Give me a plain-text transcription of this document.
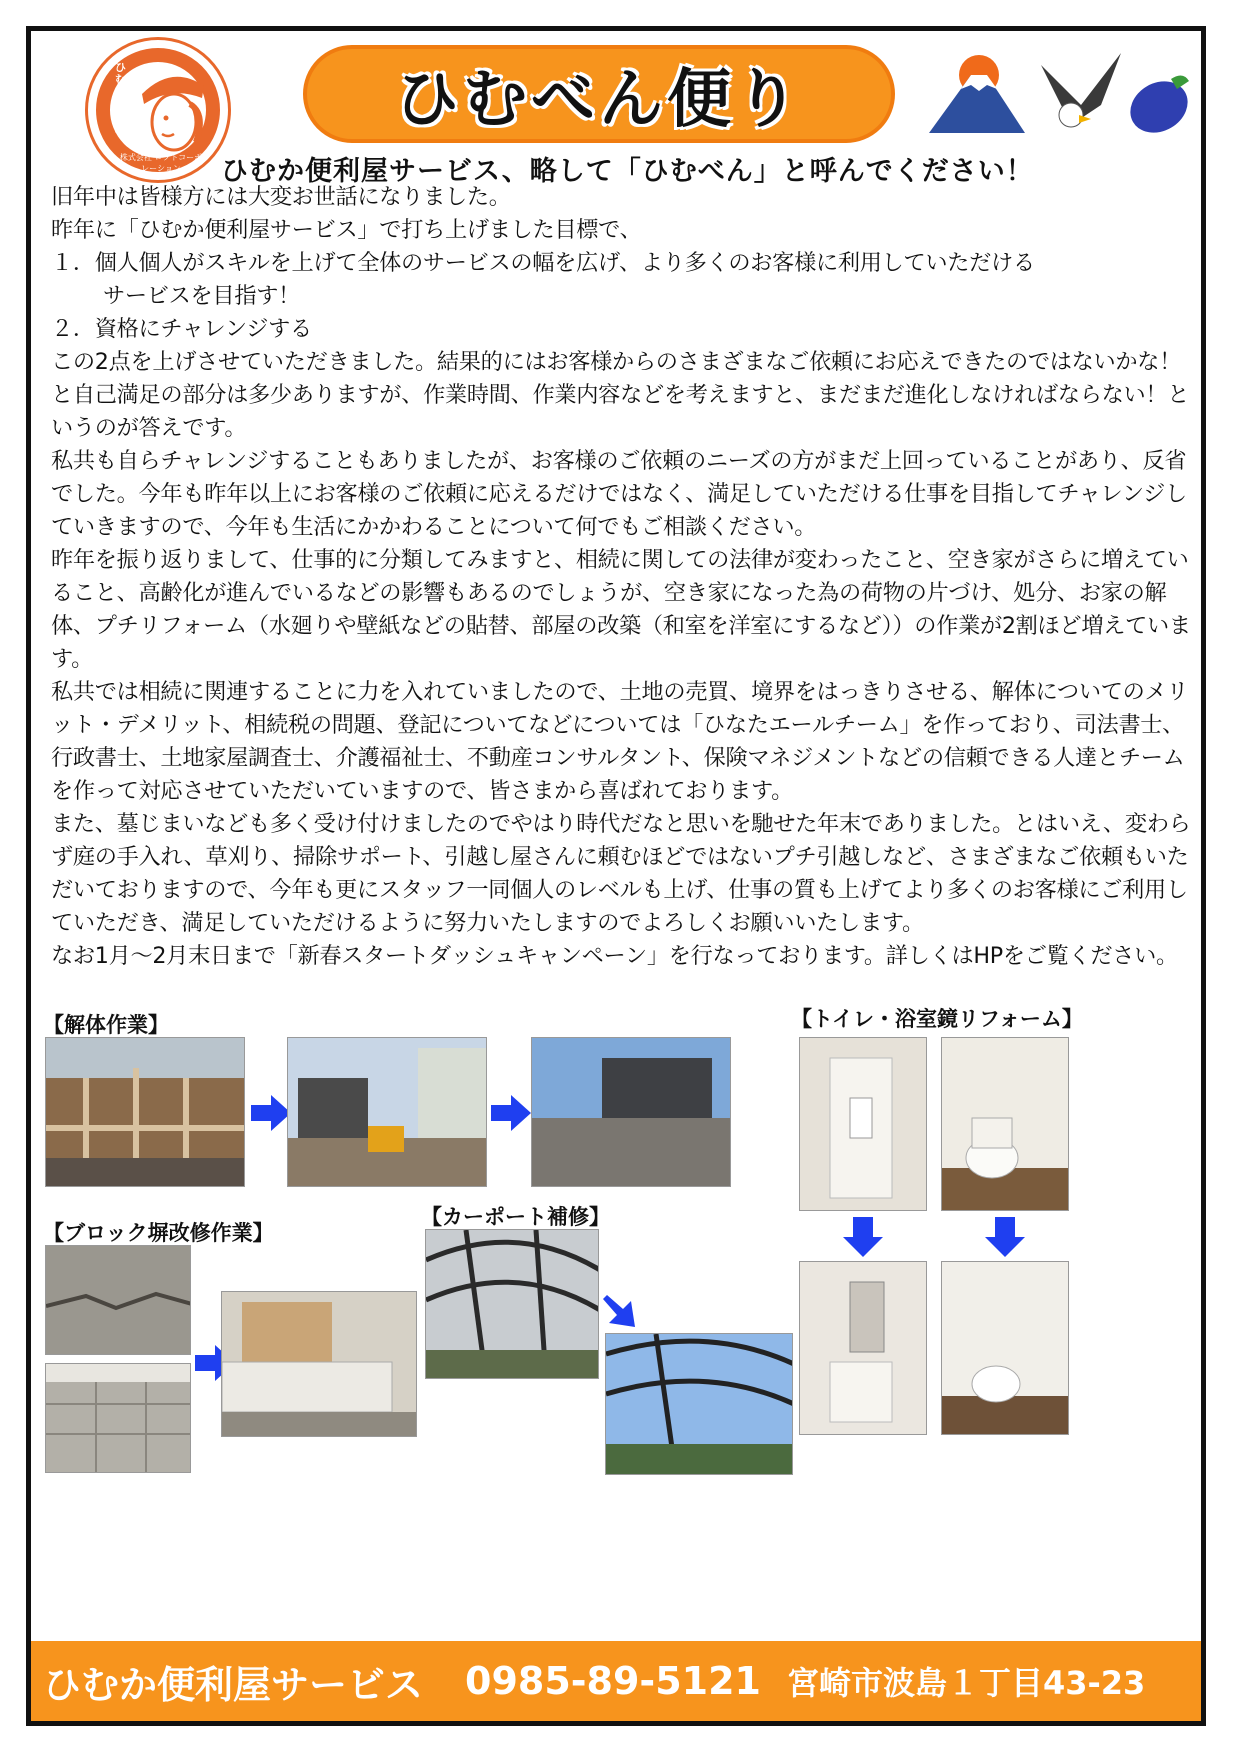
ひむか便利屋
株式会社 ロフトコーポレーション
ひむべん便り
ひむか便利屋サービス、略して「ひむべん」と呼んでください！

旧年中は皆様方には大変お世話になりました。

昨年に「ひむか便利屋サービス」で打ち上げました目標で、

１．個人個人がスキルを上げて全体のサービスの幅を広げ、より多くのお客様に利用していただける

サービスを目指す！

２．資格にチャレンジする

この2点を上げさせていただきました。結果的にはお客様からのさまざまなご依頼にお応えできたのではないかな！と自己満足の部分は多少ありますが、作業時間、作業内容などを考えますと、まだまだ進化しなければならない！というのが答えです。

私共も自らチャレンジすることもありましたが、お客様のご依頼のニーズの方がまだ上回っていることがあり、反省でした。今年も昨年以上にお客様のご依頼に応えるだけではなく、満足していただける仕事を目指してチャレンジしていきますので、今年も生活にかかわることについて何でもご相談ください。

昨年を振り返りまして、仕事的に分類してみますと、相続に関しての法律が変わったこと、空き家がさらに増えていること、高齢化が進んでいるなどの影響もあるのでしょうが、空き家になった為の荷物の片づけ、処分、お家の解体、プチリフォーム（水廻りや壁紙などの貼替、部屋の改築（和室を洋室にするなど））の作業が2割ほど増えています。

私共では相続に関連することに力を入れていましたので、土地の売買、境界をはっきりさせる、解体についてのメリット・デメリット、相続税の問題、登記についてなどについては「ひなたエールチーム」を作っており、司法書士、行政書士、土地家屋調査士、介護福祉士、不動産コンサルタント、保険マネジメントなどの信頼できる人達とチームを作って対応させていただいていますので、皆さまから喜ばれております。

また、墓じまいなども多く受け付けましたのでやはり時代だなと思いを馳せた年末でありました。とはいえ、変わらず庭の手入れ、草刈り、掃除サポート、引越し屋さんに頼むほどではないプチ引越しなど、さまざまなご依頼もいただいておりますので、今年も更にスタッフ一同個人のレベルも上げ、仕事の質も上げてより多くのお客様にご利用していただき、満足していただけるように努力いたしますのでよろしくお願いいたします。

なお1月～2月末日まで「新春スタートダッシュキャンペーン」を行なっております。詳しくはHPをご覧ください。

【解体作業】	【トイレ・浴室鏡リフォーム】
【ブロック塀改修作業】
【カーポート補修】
ひむか便利屋サービス 0985-89-5121 宮崎市波島１丁目43-23
